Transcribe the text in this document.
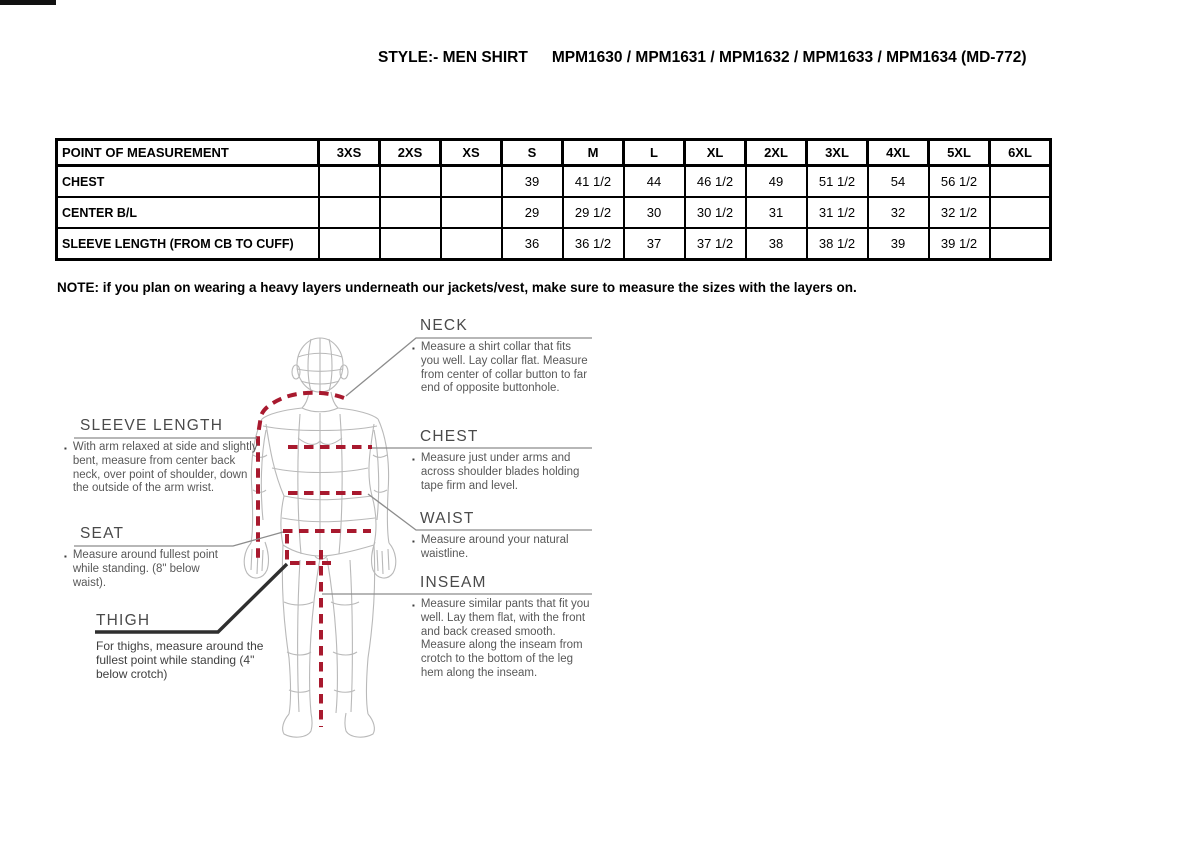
STYLE:- MEN SHIRT MPM1630 / MPM1631 / MPM1632 / MPM1633 / MPM1634 (MD-772)
POINT OF MEASUREMENT	3XS	2XS	XS	S	M	L	XL	2XL	3XL	4XL	5XL	6XL
CHEST				39	41 1/2	44	46 1/2	49	51 1/2	54	56 1/2	
CENTER B/L				29	29 1/2	30	30 1/2	31	31 1/2	32	32 1/2	
SLEEVE LENGTH (FROM CB TO CUFF)				36	36 1/2	37	37 1/2	38	38 1/2	39	39 1/2	
NOTE: if you plan on wearing a heavy layers underneath our jackets/vest, make sure to measure the sizes with the layers on.
NECK
▪ Measure a shirt collar that fits you well. Lay collar flat. Measure from center of collar button to far end of opposite buttonhole.
CHEST
▪ Measure just under arms and across shoulder blades holding tape firm and level.
WAIST
▪ Measure around your natural waistline.
INSEAM
▪ Measure similar pants that fit you well. Lay them flat, with the front and back creased smooth. Measure along the inseam from crotch to the bottom of the leg hem along the inseam.
SLEEVE LENGTH
▪ With arm relaxed at side and slightly bent, measure from center back neck, over point of shoulder, down the outside of the arm wrist.
SEAT
▪ Measure around fullest point while standing. (8" below waist).
THIGH
For thighs, measure around the fullest point while standing (4" below crotch)
